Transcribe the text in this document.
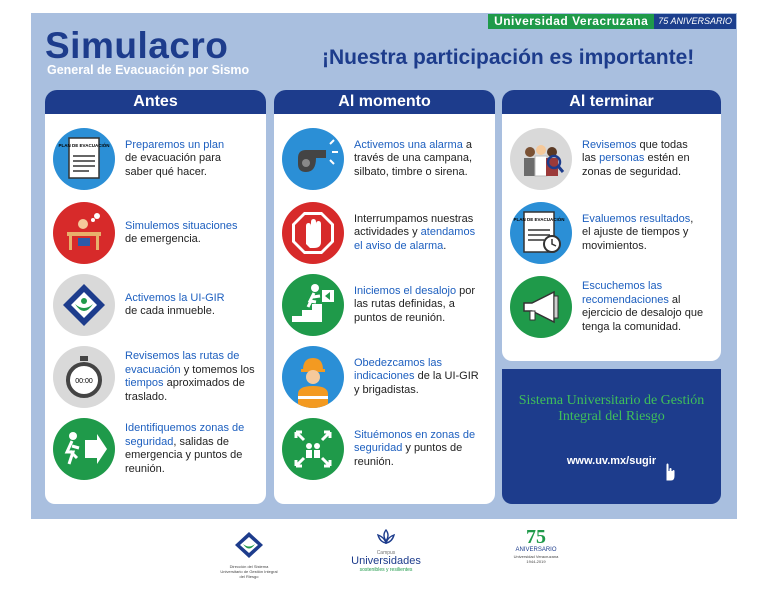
Universidad Veracruzana	75 ANIVERSARIO
Simulacro
General de Evacuación por Sismo
¡Nuestra participación es importante!
Antes
PLAN DE EVACUACIÓN Preparemos un plan de evacuación para saber qué hacer.
Simulemos situaciones de emergencia.
Activemos la UI-GIR de cada inmueble.
00:00
Revisemos las rutas de evacuación y tomemos los tiempos aproximados de traslado.
Identifiquemos zonas de seguridad, salidas de emergencia y puntos de reunión.
Al momento
Activemos una alarma a través de una campana, silbato, timbre o sirena.
Interrumpamos nuestras actividades y atendamos el aviso de alarma.
Iniciemos el desalojo por las rutas definidas, a puntos de reunión.
Obedezcamos las indicaciones de la UI-GIR y brigadistas.
Situémonos en zonas de seguridad y puntos de reunión.
Al terminar
Revisemos que todas las personas estén en zonas de seguridad.
PLAN DE EVACUACIÓN Evaluemos resultados, el ajuste de tiempos y movimientos.
Escuchemos las recomendaciones al ejercicio de desalojo que tenga la comunidad.
Sistema Universitario de Gestión Integral del Riesgo
www.uv.mx/sugir
Dirección del Sistema Universitario de Gestión Integral del Riesgo
Campus
Universidades
sostenibles y resilientes
75
ANIVERSARIO
Universidad Veracruzana
1944-2019
